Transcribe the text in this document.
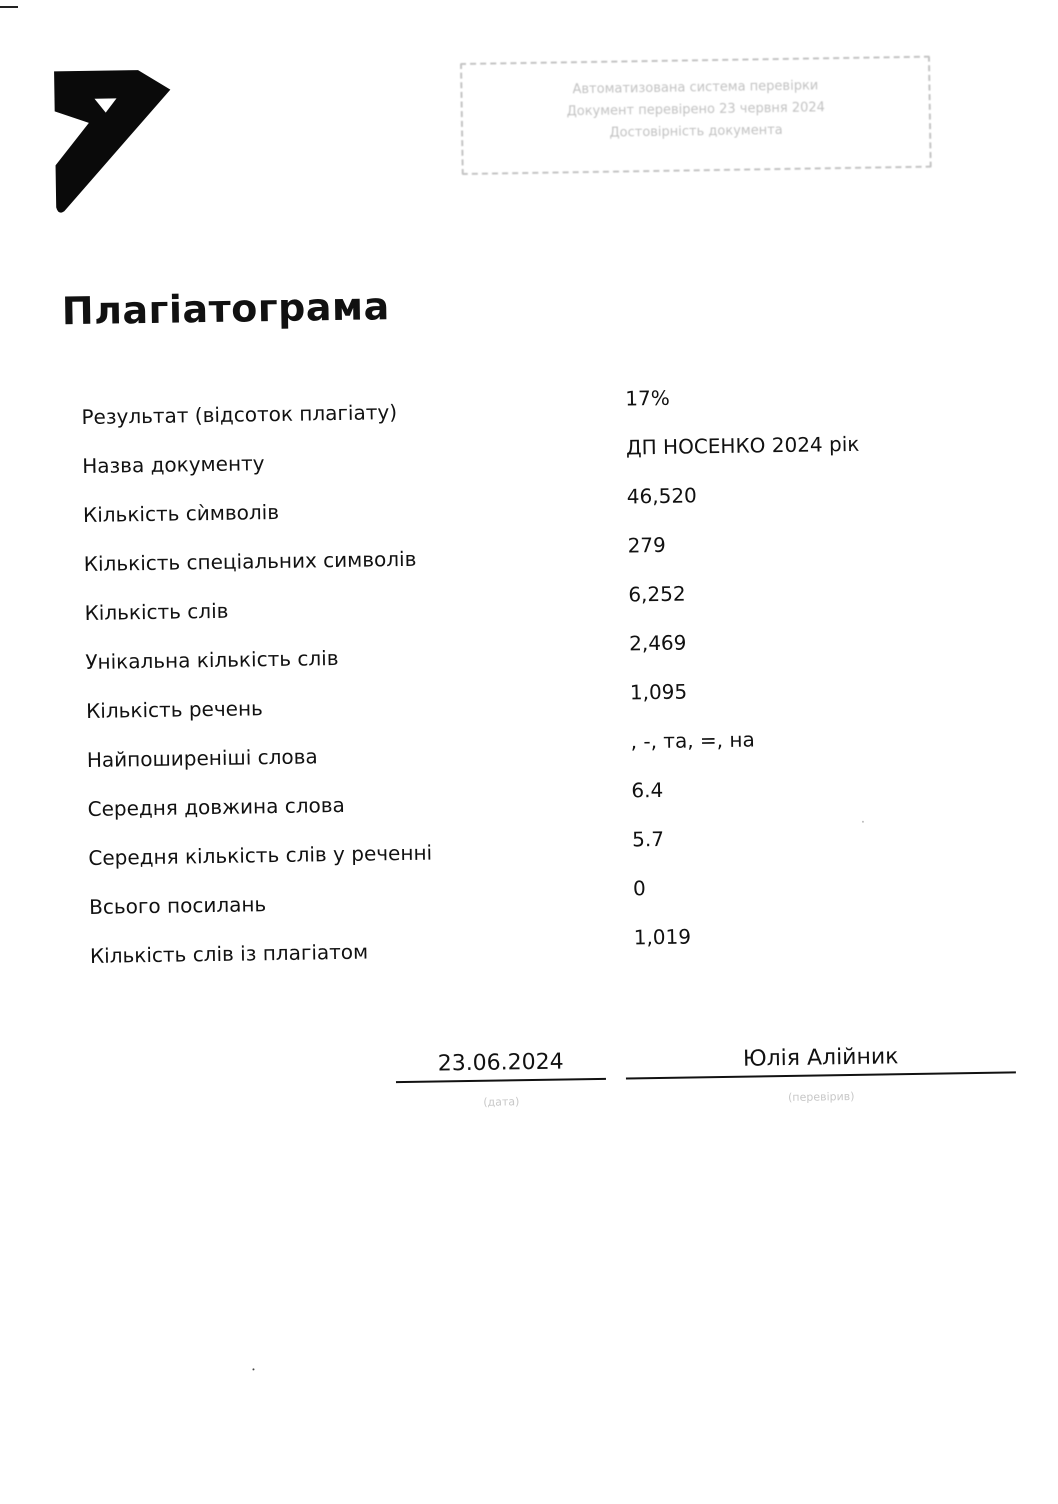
Автоматизована система перевірки
Документ перевірено 23 червня 2024
Достовірність документа
Плагіатограма
Результат (відсоток плагіату)
17%
Назва документу
ДП НОСЕНКО 2024 рік
Кількість сѝмволів
46,520
Кількість спеціальних символів
279
Кількість слів
6,252
Унікальна кількість слів
2,469
Кількість речень
1,095
Найпоширеніші слова
, -, та, =, на
Середня довжина слова
6.4
Середня кількість слів у реченні
5.7
Всього посилань
0
Кількість слів із плагіатом
1,019
23.06.2024
(дата)
Юлія Алійник
(перевірив)
